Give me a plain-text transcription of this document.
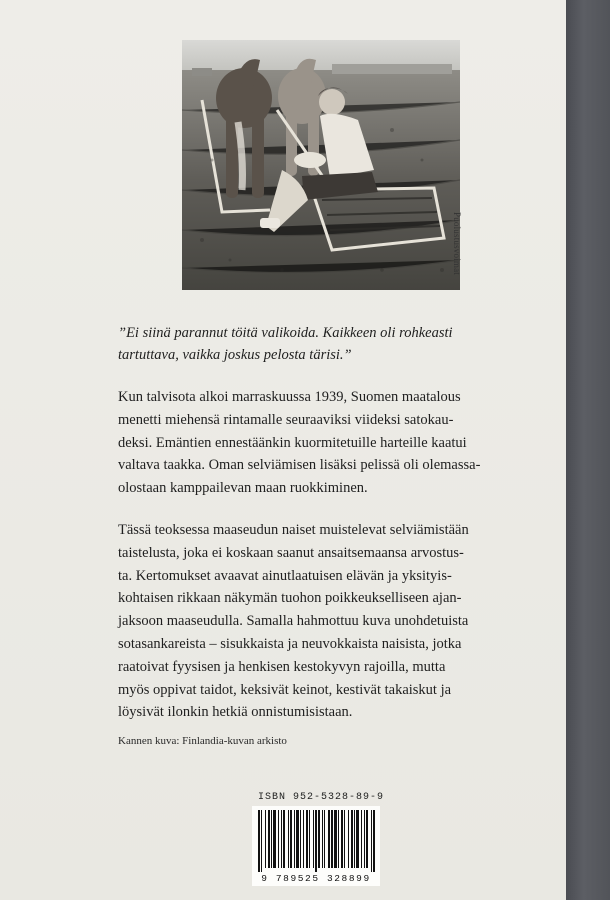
Puolustusvoimat
”Ei siinä parannut töitä valikoida. Kaikkeen oli rohkeasti
tartuttava, vaikka joskus pelosta tärisi.”
Kun talvisota alkoi marraskuussa 1939, Suomen maatalous
menetti miehensä rintamalle seuraaviksi viideksi satokau-
deksi. Emäntien ennestäänkin kuormitetuille harteille kaatui
valtava taakka. Oman selviämisen lisäksi pelissä oli olemassa-
olostaan kamppailevan maan ruokkiminen.
Tässä teoksessa maaseudun naiset muistelevat selviämistään
taistelusta, joka ei koskaan saanut ansaitsemaansa arvostus-
ta. Kertomukset avaavat ainutlaatuisen elävän ja yksityis-
kohtaisen rikkaan näkymän tuohon poikkeukselliseen ajan-
jaksoon maaseudulla. Samalla hahmottuu kuva unohdetuista
sotasankareista – sisukkaista ja neuvokkaista naisista, jotka
raatoivat fyysisen ja henkisen kestokyvyn rajoilla, mutta
myös oppivat taidot, keksivät keinot, kestivät takaiskut ja
löysivät ilonkin hetkiä onnistumisistaan.
Kannen kuva: Finlandia-kuvan arkisto
ISBN 952-5328-89-9
9 789525 328899
